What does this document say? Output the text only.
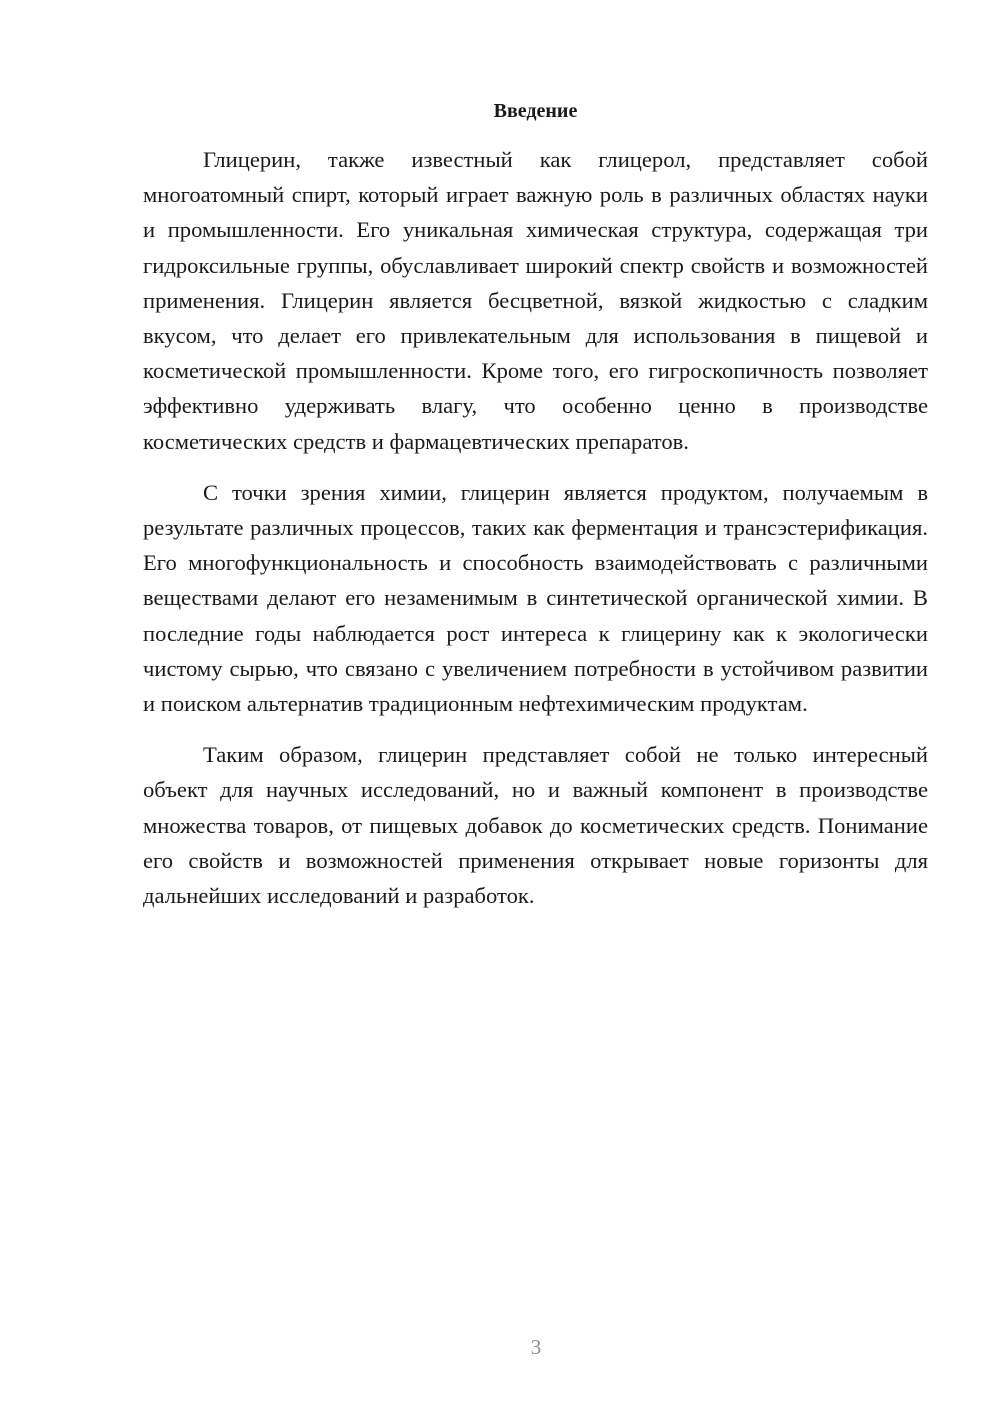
Введение

Глицерин, также известный как глицерол, представляет собой многоатомный спирт, который играет важную роль в различных областях науки и промышленности. Его уникальная химическая структура, содержащая три гидроксильные группы, обуславливает широкий спектр свойств и возможностей применения. Глицерин является бесцветной, вязкой жидкостью с сладким вкусом, что делает его привлекательным для использования в пищевой и косметической промышленности. Кроме того, его гигроскопичность позволяет эффективно удерживать влагу, что особенно ценно в производстве косметических средств и фармацевтических препаратов.

С точки зрения химии, глицерин является продуктом, получаемым в результате различных процессов, таких как ферментация и трансэстерификация. Его многофункциональность и способность взаимодействовать с различными веществами делают его незаменимым в синтетической органической химии. В последние годы наблюдается рост интереса к глицерину как к экологически чистому сырью, что связано с увеличением потребности в устойчивом развитии и поиском альтернатив традиционным нефтехимическим продуктам.

Таким образом, глицерин представляет собой не только интересный объект для научных исследований, но и важный компонент в производстве множества товаров, от пищевых добавок до косметических средств. Понимание его свойств и возможностей применения открывает новые горизонты для дальнейших исследований и разработок.

3
